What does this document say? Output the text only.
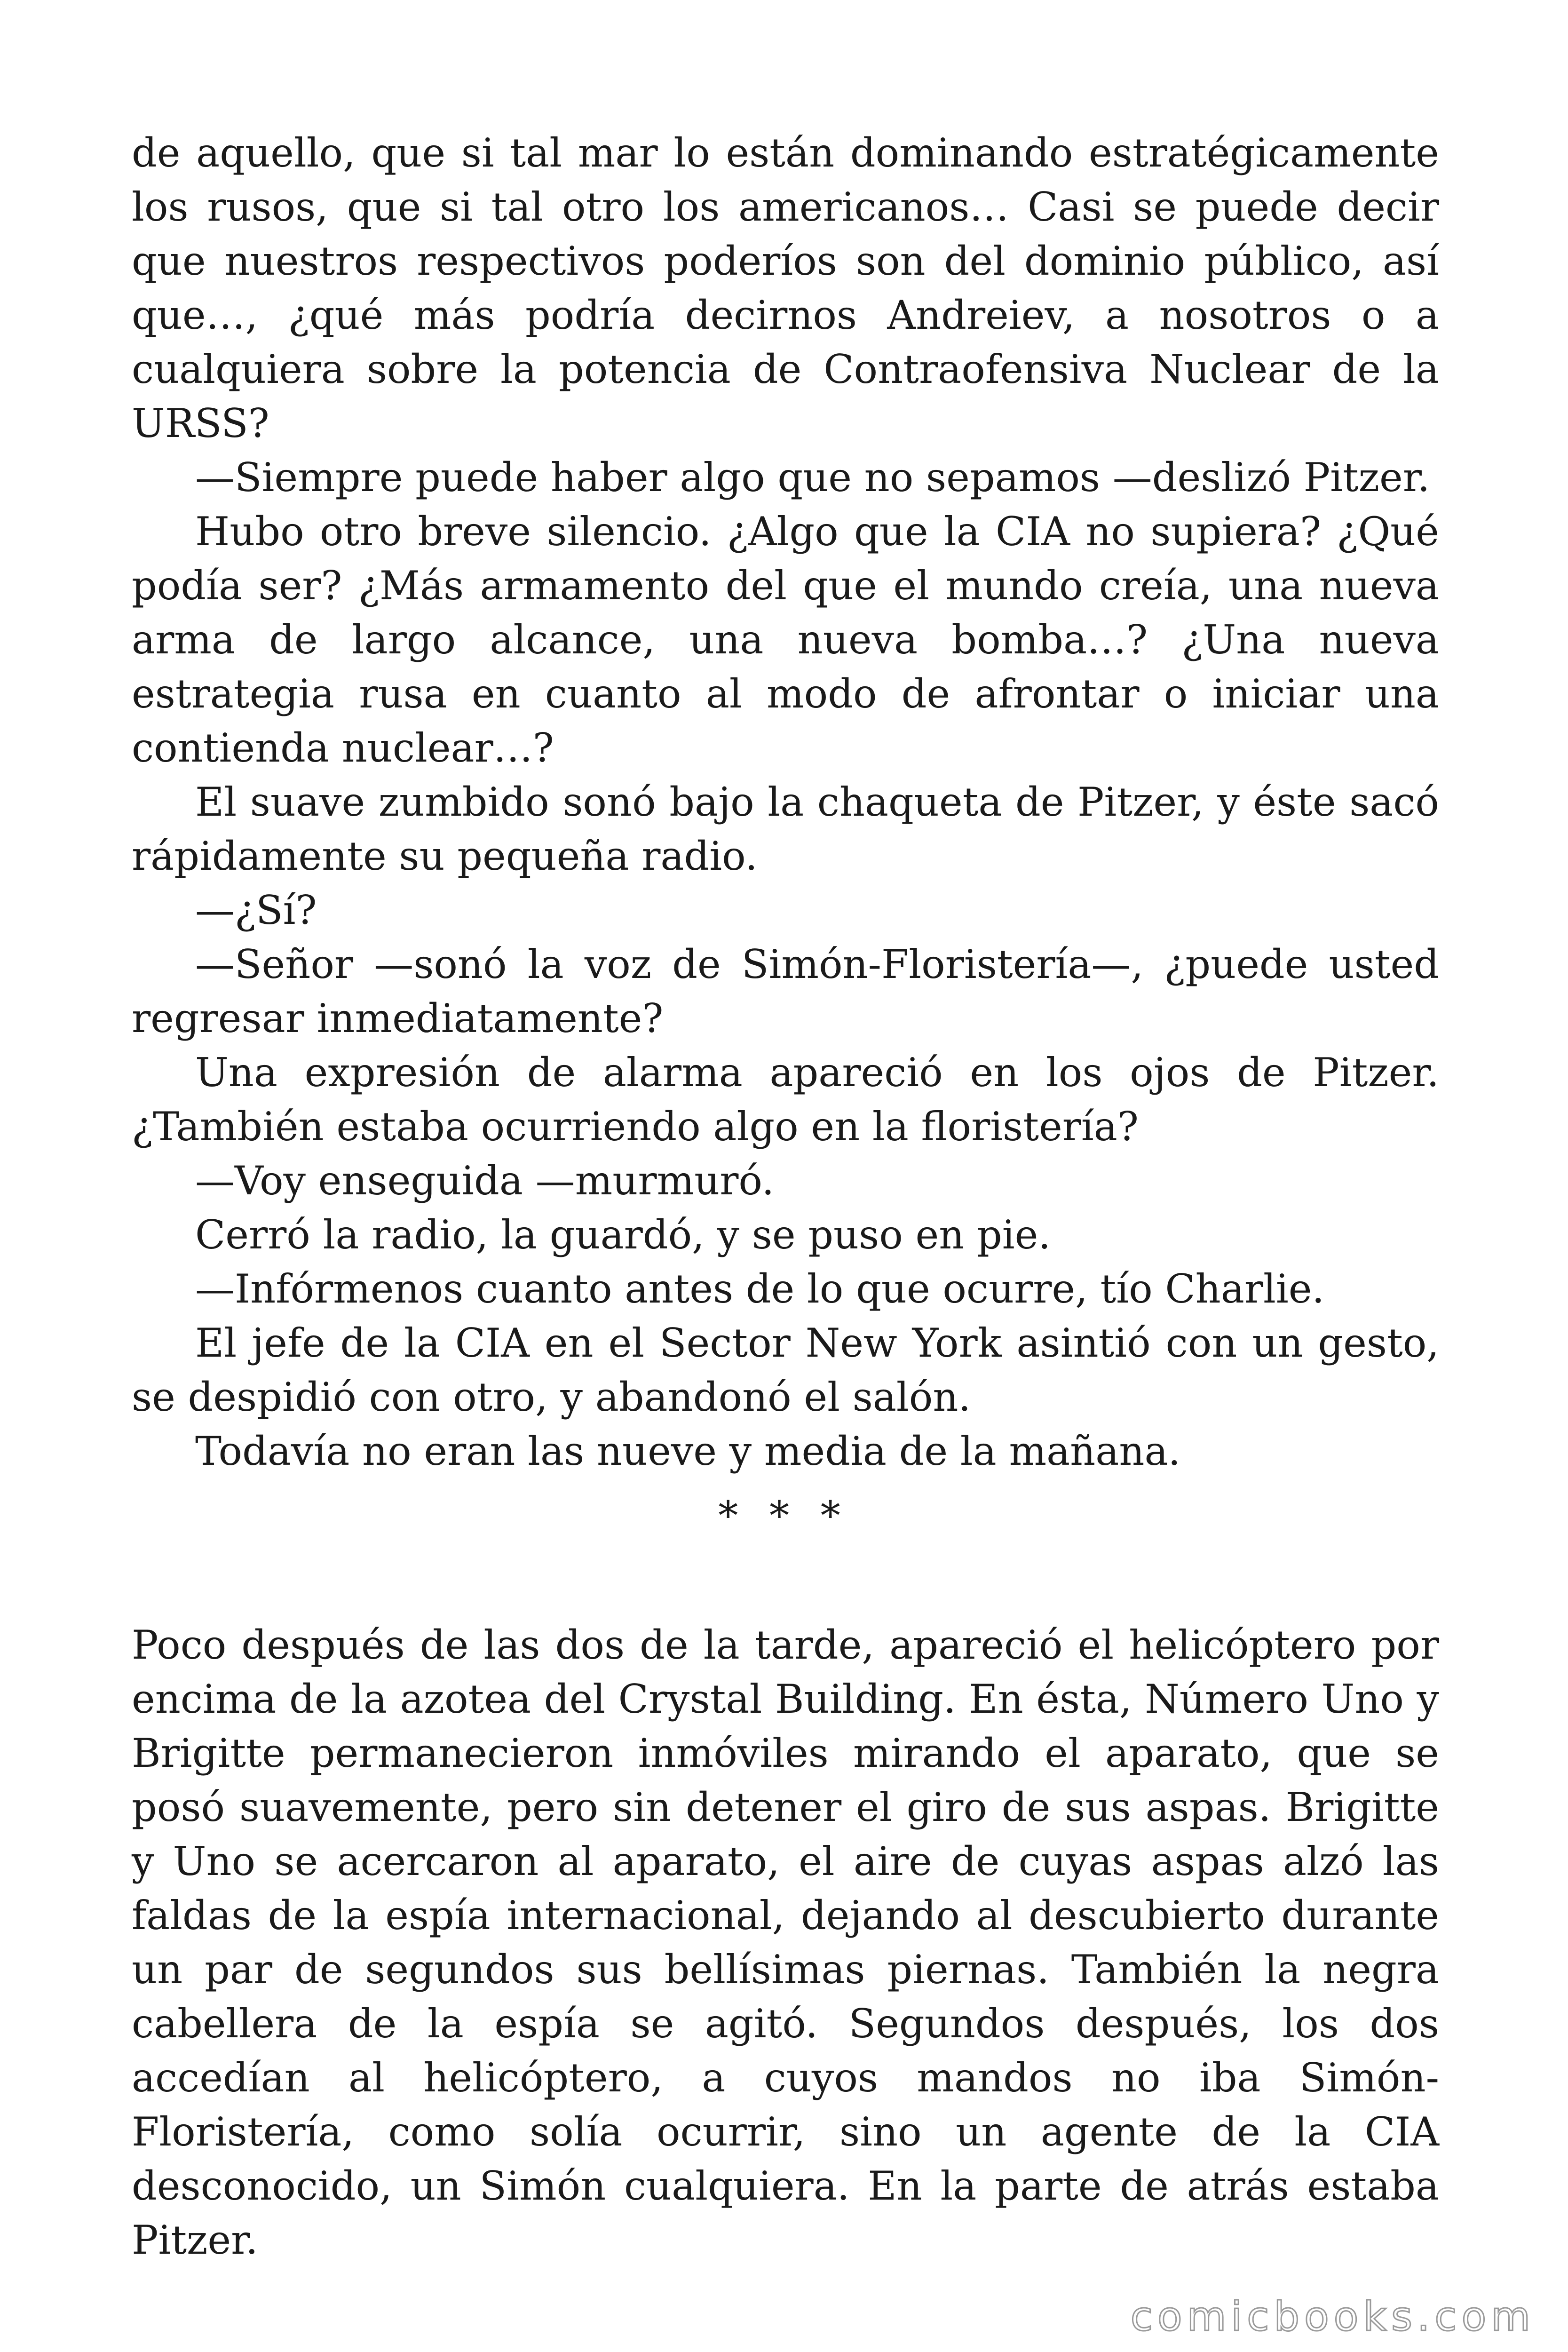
de aquello, que si tal mar lo están dominando estratégicamente los rusos, que si tal otro los americanos… Casi se puede decir que nuestros respectivos poderíos son del dominio público, así que…, ¿qué más podría decirnos Andreiev, a nosotros o a cualquiera sobre la potencia de Contraofensiva Nuclear de la URSS?

—Siempre puede haber algo que no sepamos —deslizó Pitzer.

Hubo otro breve silencio. ¿Algo que la CIA no supiera? ¿Qué podía ser? ¿Más armamento del que el mundo creía, una nueva arma de largo alcance, una nueva bomba…? ¿Una nueva estrategia rusa en cuanto al modo de afrontar o iniciar una contienda nuclear…?

El suave zumbido sonó bajo la chaqueta de Pitzer, y éste sacó rápidamente su pequeña radio.

—¿Sí?

—Señor —sonó la voz de Simón-Floristería—, ¿puede usted regresar inmediatamente?

Una expresión de alarma apareció en los ojos de Pitzer. ¿También estaba ocurriendo algo en la floristería?

—Voy enseguida —murmuró.

Cerró la radio, la guardó, y se puso en pie.

—Infórmenos cuanto antes de lo que ocurre, tío Charlie.

El jefe de la CIA en el Sector New York asintió con un gesto, se despidió con otro, y abandonó el salón.

Todavía no eran las nueve y media de la mañana.

* * *

Poco después de las dos de la tarde, apareció el helicóptero por encima de la azotea del Crystal Building. En ésta, Número Uno y Brigitte permanecieron inmóviles mirando el aparato, que se posó suavemente, pero sin detener el giro de sus aspas. Brigitte y Uno se acercaron al aparato, el aire de cuyas aspas alzó las faldas de la espía internacional, dejando al descubierto durante un par de segundos sus bellísimas piernas. También la negra cabellera de la espía se agitó. Segundos después, los dos accedían al helicóptero, a cuyos mandos no iba Simón-Floristería, como solía ocurrir, sino un agente de la CIA desconocido, un Simón cualquiera. En la parte de atrás estaba Pitzer.

comicbooks.com
